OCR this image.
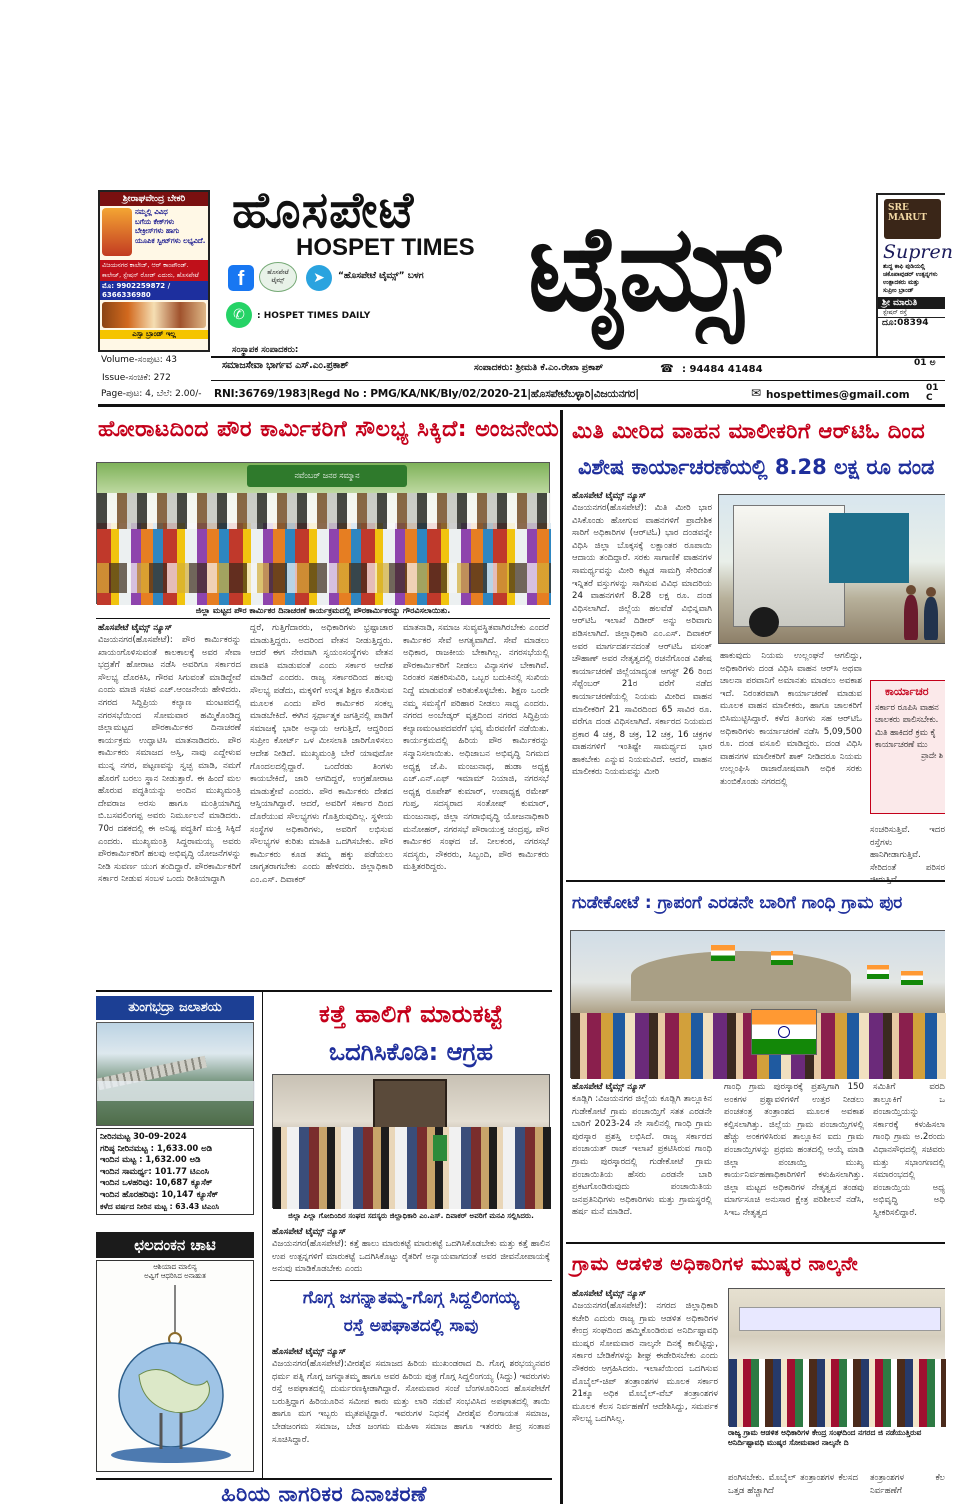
ಶ್ರೀರಾಘವೇಂದ್ರ ಬೇಕರಿ
ನಮ್ಮಲ್ಲಿ ವಿವಿಧ
ಬಗೆಯ ಕೇಕ್‌ಗಳು
ಬೇಕ್ರೀಸ್‌ಗಳು ಹಾಗು
ಯೂಪಿಕ ಸ್ವೀಟ್‌ಗಳು ಲಭ್ಯವಿದೆ.
ವಿಜಯನಗರ ಕಾಲೇಜ್, ಆರ್ ಕಾಂಪೌಂಡ್.
ಕಾಲೇಜ್, ಸ್ಟೇಷನ್ ರೋಡ್ ಎದುರು, ಹೊಸಪೇಟೆ
ಮೊ: 9902259872 / 6366336980
ಎಸ್ಸಾ ಬ್ರಾಂಡ್ ಇಲ್ಲ
ಹೊಸಪೇಟೆ
HOSPET TIMES ಟೈಮ್ಸ್
f	ಹೊಸಪೇಟೆ ಟೈಮ್ಸ್	➤	“ಹೊಸಪೇಟೆ ಟೈಮ್ಸ್” ಬಳಗ
✆	: HOSPET TIMES DAILY
SRE
MARUT
Supren
ಶುದ್ಧ ಕಾಫಿ ಪುಡಿಯಲ್ಲಿ
ಚಕೊಪಾವುಡರ್ ಉತ್ಪನ್ನಗಳು
ಉತ್ಪಾದಕರು ಮತ್ತು
ಸುಪ್ರೀಂ ಬ್ರಾಂಡ್
ಶ್ರೀ ಮಾರುತಿ
ಸ್ಟೇಷನ್ ರಸ್ತೆ
ದೂ:08394
Volume-ಸಂಪುಟ: 43
ಸಂಸ್ಥಾಪಕ ಸಂಪಾದಕರು:
01 ಅ
ಸಮಾಜಸೇವಾ ಭಾರ್ಗವ ಎಸ್.ಎಂ.ಪ್ರಕಾಶ್	ಸಂಪಾದಕರು: ಶ್ರೀಮತಿ ಕೆ.ಎಂ.ರೇಖಾ ಪ್ರಕಾಶ್	☎ : 94484 41484
Issue-ಸಂಚಿಕೆ: 272
Page-ಪುಟ: 4, ಬೆಲೆ: 2.00/- RNI:36769/1983|Regd No : PMG/KA/NK/Bly/02/2020-21|ಹೊಸಪೇಟೆಬಳ್ಳಾರಿ|ವಿಜಯನಗರ|	✉ hospettimes@gmail.com
01 C
ಹೋರಾಟದಿಂದ ಪೌರ ಕಾರ್ಮಿಕರಿಗೆ ಸೌಲಭ್ಯ ಸಿಕ್ಕಿದೆ: ಅಂಜನೇಯ
ನವೆಂಬರ್ ಜನರ ಸಮ್ಮಾನ
ಜಿಲ್ಲಾ ಮಟ್ಟದ ಪೌರ ಕಾರ್ಮಿಕರ ದಿನಾಚರಣೆ ಕಾರ್ಯಕ್ರಮದಲ್ಲಿ ಪೌರಕಾರ್ಮಿಕರನ್ನು ಗೌರವಿಸಲಾಯಿತು.
ಹೊಸಪೇಟೆ ಟೈಮ್ಸ್ ನ್ಯೂಸ್
ವಿಜಯನಗರ(ಹೊಸಪೇಟೆ): ಪೌರ ಕಾರ್ಮಿಕರನ್ನು ಖಾಯಂಗೊಳಿಸುವಂತೆ ಕಾಲಕಾಲಕ್ಕೆ ಅವರ ಸೇವಾ ಭದ್ರತೆಗೆ ಹೋರಾಟ ನಡೆಸಿ ಅವರಿಗೂ ಸರ್ಕಾರದ ಸೌಲಭ್ಯ ದೊರಕಿಸಿ, ಗೌರವ ಸಿಗುವಂತೆ ಮಾಡಿದ್ದೇವೆ ಎಂದು ಮಾಜಿ ಸಚಿವ ಎಚ್.ಆಂಜನೇಯ ಹೇಳಿದರು. ನಗರದ ಸಿದ್ದಿಪ್ರಿಯ ಕಲ್ಯಾಣ ಮಂಟಪದಲ್ಲಿ ನಗರಸಭೆಯಿಂದ ಸೋಮವಾರ ಹಮ್ಮಿಕೊಂಡಿದ್ದ ಜಿಲ್ಲಾಮಟ್ಟದ ಪೌರಕಾರ್ಮಿಕರ ದಿನಾಚರಣೆ ಕಾರ್ಯಕ್ರಮ ಉದ್ಘಾಟಿಸಿ ಮಾತನಾಡಿದರು. ಪೌರ ಕಾರ್ಮಿಕರು ಸಮಾಜದ ಅಸ್ತಿ, ನಾವು ಎದ್ದೇಳುವ ಮುನ್ನ ನಗರ, ಪಟ್ಟಣವನ್ನು ಸ್ವಚ್ಛ ಮಾಡಿ, ನಮಗೆ ಹೊರಗೆ ಬರಲು ಸ್ಥಾನ ನೀಡುತ್ತಾರೆ. ಈ ಹಿಂದೆ ಮಲ ಹೊರುವ ಪದ್ಧತಿಯನ್ನು ಅಂದಿನ ಮುಖ್ಯಮಂತ್ರಿ ದೇವರಾಜ ಅರಸು ಹಾಗೂ ಮಂತ್ರಿಯಾಗಿದ್ದ ಬಿ.ಬಸವಲಿಂಗಪ್ಪ ಅವರು ನಿರ್ಮೂಲನೆ ಮಾಡಿದರು. 70ರ ದಶಕದಲ್ಲಿ ಈ ಅನಿಷ್ಟ ಪದ್ಧತಿಗೆ ಮುಕ್ತಿ ಸಿಕ್ಕಿದೆ ಎಂದರು. ಮುಖ್ಯಮಂತ್ರಿ ಸಿದ್ದರಾಮಯ್ಯ ಅವರು ಪೌರಕಾರ್ಮಿಕರಿಗೆ ಹಲವು ಅಭಿವೃದ್ಧಿ ಯೋಜನೆಗಳನ್ನು ನೀಡಿ ಸುವರ್ಣ ಯುಗ ತಂದಿದ್ದಾರೆ. ಪೌರಕಾರ್ಮಿಕರಿಗೆ ಸರ್ಕಾರ ನೀಡುವ ಸಂಬಳ ಒಂದು ರೀತಿಯಾದ್ದಾಗಿ
ದ್ದರೆ, ಗುತ್ತಿಗೆದಾರರು, ಅಧಿಕಾರಿಗಳು ಭ್ರಷ್ಟಾಚಾರ ಮಾಡುತ್ತಿದ್ದರು. ಅದರಿಂದ ವೇತನ ನೀಡುತ್ತಿದ್ದರು. ಆದರೆ ಈಗ ನೇರವಾಗಿ ಸ್ವಯಂಸಂಸ್ಥೆಗಳು ವೇತನ ಪಾವತಿ ಮಾಡುವಂತೆ ಎಂದು ಸರ್ಕಾರ ಆದೇಶ ಮಾಡಿದೆ ಎಂದರು. ರಾಜ್ಯ ಸರ್ಕಾರದಿಂದ ಹಲವು ಸೌಲಭ್ಯ ಪಡೆದು, ಮಕ್ಕಳಿಗೆ ಉನ್ನತ ಶಿಕ್ಷಣ ಕೊಡಿಸುವ ಮೂಲಕ ಎಂದು ಪೌರ ಕಾರ್ಮಿಕರ ಸಂಕಲ್ಪ ಮಾಡಬೇಕಿದೆ. ಈಗಿನ ಸ್ಪರ್ಧಾತ್ಮಕ ಜಗತ್ತಿನಲ್ಲಿ ಪಾಡಿಗೆ ಸಮಾಜಕ್ಕೆ ಭಾರೀ ಅನ್ಯಾಯ ಆಗುತ್ತಿದೆ, ಆದ್ದರಿಂದ ಸುಪ್ರೀಂ ಕೋರ್ಟ್ ಒಳ ಮೀಸಲಾತಿ ಜಾರಿಗೊಳಿಸಲು ಆದೇಶ ನೀಡಿದೆ. ಮುಖ್ಯಮಂತ್ರಿ ಬೇರೆ ಯಾವುದೋ ಗೊಂದಲದಲ್ಲಿದ್ದಾರೆ. ಒಂದೆರಡು ತಿಂಗಳು ಕಾಯಬೇಕಿದೆ, ಜಾರಿ ಆಗದಿದ್ದರೆ, ಉಗ್ರಹೋರಾಟ ಮಾಡುತ್ತೇವೆ ಎಂದರು. ಪೌರ ಕಾರ್ಮಿಕರು ದೇಶದ ಆಸ್ತಿಯಾಗಿದ್ದಾರೆ. ಆದರೆ, ಅವರಿಗೆ ಸರ್ಕಾರ ದಿಂದ ದೊರೆಯುವ ಸೌಲಭ್ಯಗಳು ಗೊತ್ತಿರುವುದಿಲ್ಲ. ಸ್ಥಳೀಯ ಸಂಸ್ಥೆಗಳ ಅಧಿಕಾರಿಗಳು, ಅವರಿಗೆ ಲಭಿಸುವ ಸೌಲಭ್ಯಗಳ ಕುರಿತು ಮಾಹಿತಿ ಒದಗಿಸಬೇಕು. ಪೌರ ಕಾರ್ಮಿಕರು ಕೂಡ ತಮ್ಮ ಹಕ್ಕು ಪಡೆಯಲು ಜಾಗೃತರಾಗಬೇಕು ಎಂದು ಹೇಳಿದರು. ಜಿಲ್ಲಾಧಿಕಾರಿ ಎಂ.ಎಸ್. ದಿವಾಕರ್
ಮಾತನಾಡಿ, ಸಮಾಜ ಸುವ್ಯವಸ್ಥಿತವಾಗಿರಬೇಕು ಎಂದರೆ ಕಾರ್ಮಿಕರ ಸೇವೆ ಅಗತ್ಯವಾಗಿದೆ. ಸೇವೆ ಮಾಡಲು ಅಧಿಕಾರ, ರಾಜಕೀಯ ಬೇಕಾಗಿಲ್ಲ. ನಗರಸಭೆಯಲ್ಲಿ ಪೌರಕಾರ್ಮಿಕರಿಗೆ ನೀಡಲು ವಿನ್ಯಾಸಗಳ ಬೇಕಾಗಿವೆ. ನಿರಂತರ ಸಹಕರಿಸುವಿರಿ, ಒಬ್ಬರ ಬದುಕಿನಲ್ಲಿ ಸುಖಿಯ ನಿದ್ದೆ ಮಾಡುವಂತೆ ಅರಿತುಕೊಳ್ಳಬೇಕು. ಶಿಕ್ಷಣ ಒಂದೇ ನಮ್ಮ ಸಮಸ್ಯೆಗೆ ಪರಿಹಾರ ನೀಡಲು ಸಾಧ್ಯ ಎಂದರು. ನಗರದ ಅಂಬೇಡ್ಕರ್ ವೃತ್ತದಿಂದ ನಗರದ ಸಿದ್ಧಿಪ್ರಿಯ ಕಲ್ಯಾಣಮಂಟಪದವರೆಗೆ ಭವ್ಯ ಮೆರವಣಿಗೆ ನಡೆಯಿತು. ಕಾರ್ಯಕ್ರಮದಲ್ಲಿ ಹಿರಿಯ ಪೌರ ಕಾರ್ಮಿಕರನ್ನು ಸನ್ಮಾನಿಸಲಾಯಿತು. ಅಧಿಜಾಬನ ಅಭಿವೃದ್ಧಿ ನಿಗಮದ ಅಧ್ಯಕ್ಷ ಜೆ.ಪಿ. ಮಂಜುನಾಥ, ಹುಡಾ ಅಧ್ಯಕ್ಷ ಎಚ್.ಎನ್.ಎಫ್ ಇಮಾಮ್ ನಿಯಾಜಿ, ನಗರಸಭೆ ಅಧ್ಯಕ್ಷ ರೂಪೇಶ್ ಕುಮಾರ್, ಉಪಾಧ್ಯಕ್ಷ ರಮೇಶ್ ಗುಪ್ತ, ಸದಸ್ಯರಾದ ಸಂತೋಷ್ ಕುಮಾರ್, ಮಂಜುನಾಥ, ಜಿಲ್ಲಾ ನಗರಾಭಿವೃದ್ಧಿ ಯೋಜನಾಧಿಕಾರಿ ಮನೋಹರ್, ನಗರಸಭೆ ಪೌರಾಯುಕ್ತ ಚಂದ್ರಪ್ಪ, ಪೌರ ಕಾರ್ಮಿಕರ ಸಂಘದ ಜೆ. ನೀಲಕಂಠ, ನಗರಸಭೆ ಸದಸ್ಯರು, ನೌಕರರು, ಸಿಬ್ಬಂದಿ, ಪೌರ ಕಾರ್ಮಿಕರು ಮತ್ತಿತರರಿದ್ದರು.
ಮಿತಿ ಮೀರಿದ ವಾಹನ ಮಾಲೀಕರಿಗೆ ಆರ್‌ಟಿಓ ದಿಂದ
ವಿಶೇಷ ಕಾರ್ಯಾಚರಣೆಯಲ್ಲಿ 8.28 ಲಕ್ಷ ರೂ ದಂಡ
ಹೊಸಪೇಟೆ ಟೈಮ್ಸ್ ನ್ಯೂಸ್
ವಿಜಯನಗರ(ಹೊಸಪೇಟೆ): ಮಿತಿ ಮೀರಿ ಭಾರ ವಿಸಿಕೊಂಡು ಹೋಗುವ ವಾಹನಗಳಿಗೆ ಪ್ರಾದೇಶಿಕ ಸಾರಿಗೆ ಅಧಿಕಾರಿಗಳ (ಆರ್‌ಟಿಓ) ಭಾರ ದಂಡವನ್ನೇ ವಿಧಿಸಿ ಜಿಲ್ಲಾ ಬೊಕ್ಕಸಕ್ಕೆ ಲಕ್ಷಾಂತರ ರೂಪಾಯಿ ಆದಾಯ ತಂದಿದ್ದಾರೆ. ಸರಕು ಸಾಗಾಣಿಕೆ ವಾಹನಗಳ ಸಾಮರ್ಥ್ಯವನ್ನು ಮೀರಿ ಕಟ್ಟಡ ಸಾಮಗ್ರಿ ಸೇರಿದಂತೆ ಇನ್ನಿತರೆ ವಸ್ತುಗಳನ್ನು ಸಾಗಿಸುವ ವಿವಿಧ ಮಾದರಿಯ 24 ವಾಹನಗಳಿಗೆ 8.28 ಲಕ್ಷ ರೂ. ದಂಡ ವಿಧಿಸಲಾಗಿದೆ. ಜಿಲ್ಲೆಯ ಹಲವೆಡೆ ವಿಭಿನ್ನವಾಗಿ ಆರ್‌ಟಿಓ ಇಲಾಖೆ ದಿಡೀರ್ ಅನ್ನು ಅರಿವಾಗು ಪಡಿಸಲಾಗಿದೆ. ಜಿಲ್ಲಾಧಿಕಾರಿ ಎಂ.ಎಸ್. ದಿವಾಕರ್ ಅವರ ಮಾರ್ಗದರ್ಶನದಂತೆ ಆರ್‌ಟಿಓ ವಸಂತ್ ಚೌಹಾಣ್ ಅವರ ನೇತೃತ್ವದಲ್ಲಿ ರಚನೆಗೊಂಡ ವಿಶೇಷ ಕಾರ್ಯಾಚರಣೆ ಜಿಲ್ಲೆಯಾದ್ಯಂತ ಆಗಸ್ಟ್ 26 ರಿಂದ ಸೆಪ್ಟೆಂಬರ್ 21ರ ವರೆಗೆ ನಡೆದ ಕಾರ್ಯಾಚರಣೆಯಲ್ಲಿ ನಿಯಮ ಮೀರಿದ ವಾಹನ ಮಾಲೀಕರಿಗೆ 21 ಸಾವಿರದಿಂದ 65 ಸಾವಿರ ರೂ. ವರೆಗೂ ದಂಡ ವಿಧಿಸಲಾಗಿದೆ. ಸರ್ಕಾರದ ನಿಯಮದ ಪ್ರಕಾರ 4 ಚಕ್ರ, 8 ಚಕ್ರ, 12 ಚಕ್ರ, 16 ಚಕ್ರಗಳ ವಾಹನಗಳಿಗೆ ಇಂತಿಷ್ಟೇ ಸಾಮರ್ಥ್ಯದ ಭಾರ ಹಾಕಬೇಕು ಎನ್ನುವ ನಿಯಮವಿದೆ. ಆದರೆ, ವಾಹನ ಮಾಲೀಕರು ನಿಯಮವನ್ನು ಮೀರಿ
ಹಾಕುವುದು ನಿಯಮ ಉಲ್ಲಂಘನೆ ಆಗಲಿದ್ದು, ಅಧಿಕಾರಿಗಳು ದಂಡ ವಿಧಿಸಿ ವಾಹನ ಆರ್‌ಸಿ ಅಥವಾ ಚಾಲನಾ ಪರವಾನಿಗೆ ಅಮಾನತು ಮಾಡಲು ಅವಕಾಶ ಇದೆ. ನಿರಂತರವಾಗಿ ಕಾರ್ಯಾಚರಣೆ ಮಾಡುವ ಮೂಲಕ ವಾಹನ ಮಾಲೀಕರು, ಹಾಗೂ ಚಾಲಕರಿಗೆ ಬಿಸಿಮುಟ್ಟಿಸಿದ್ದಾರೆ. ಕಳೆದ ತಿಂಗಳು ಸಹ ಆರ್‌ಟಿಓ ಅಧಿಕಾರಿಗಳು ಕಾರ್ಯಾಚರಣೆ ನಡೆಸಿ 5,09,500 ರೂ. ದಂಡ ವಸೂಲಿ ಮಾಡಿದ್ದರು. ದಂಡ ವಿಧಿಸಿ ವಾಹನಗಳ ಮಾಲೀಕರಿಗೆ ಶಾಕ್ ನೀಡಿದರೂ ನಿಯಮ ಉಲ್ಲಂಘಿಸಿ ರಾಜಾರೋಷವಾಗಿ ಅಧಿಕ ಸರಕು ತುಂಬಿಕೊಂಡು ನಗರದಲ್ಲಿ
ಕಾರ್ಯಾಚರ
ಸರ್ಕಾರ ರೂಪಿಸಿ ವಾಹನ ಚಾಲಕರು ಪಾಲಿಸಬೇಕು. ಮಿತಿ ಹಾಕಿದರೆ ಕ್ರಮ ಕೈ ಕಾರ್ಯಾಚರಣೆ ಮು
ಪ್ರಾದೇ ಶಿ
ಸಂಚರಿಸುತ್ತಿವೆ. ಇದರ ರಸ್ತೆಗಳು ಹಾನಿಗೀಡಾಗುತ್ತಿವೆ. ಸೇರಿದಂತೆ ಪರಿಸರ
ಗುಡೇಕೋಟೆ : ಗ್ರಾಪಂಗೆ ಎರಡನೇ ಬಾರಿಗೆ ಗಾಂಧಿ ಗ್ರಾಮ ಪುರ
ಹೊಸಪೇಟೆ ಟೈಮ್ಸ್ ನ್ಯೂಸ್
ಕೂಡ್ಲಿಗಿ :ವಿಜಯನಗರ ಜಿಲ್ಲೆಯ ಕೂಡ್ಲಿಗಿ ತಾಲ್ಲೂಕಿನ ಗುಡೇಕೋಟೆ ಗ್ರಾಮ ಪಂಚಾಯ್ತಿಗೆ ಸತತ ಎರಡನೇ ಬಾರಿಗೆ 2023-24 ನೇ ಸಾಲಿನಲ್ಲಿ ಗಾಂಧಿ ಗ್ರಾಮ ಪುರಸ್ಕಾರ ಪ್ರಶಸ್ತಿ ಲಭಿಸಿದೆ. ರಾಜ್ಯ ಸರ್ಕಾರದ ಪಂಚಾಯತ್ ರಾಜ್ ಇಲಾಖೆ ಪ್ರಕಟಿಸಿರುವ ಗಾಂಧಿ ಗ್ರಾಮ ಪುರಸ್ಕಾರದಲ್ಲಿ ಗುಡೇಕೋಟೆ ಗ್ರಾಮ ಪಂಚಾಯಿತಿಯ ಹೆಸರು ಎರಡನೇ ಬಾರಿ ಪ್ರಕಟಗೊಂಡಿರುವುದು ಪಂಚಾಯಿತಿಯ ಜನಪ್ರತಿನಿಧಿಗಳು ಅಧಿಕಾರಿಗಳು ಮತ್ತು ಗ್ರಾಮಸ್ಥರಲ್ಲಿ ಹರ್ಷ ಮನೆ ಮಾಡಿದೆ.
ಗಾಂಧಿ ಗ್ರಾಮ ಪುರಸ್ಕಾರಕ್ಕೆ ಪ್ರಶಸ್ತಿಗಾಗಿ 150 ಅಂಕಗಳ ಪ್ರಶ್ನಾವಳಿಗಳಿಗೆ ಉತ್ತರ ನೀಡಲು ಪಂಚತಂತ್ರ ತಂತ್ರಾಂಶದ ಮೂಲಕ ಅವಕಾಶ ಕಲ್ಪಿಸಲಾಗಿತ್ತು. ಜಿಲ್ಲೆಯ ಗ್ರಾಮ ಪಂಚಾಯ್ತಿಗಳಲ್ಲಿ ಹೆಚ್ಚು ಅಂಕಗಳಿಸಿರುವ ತಾಲ್ಲೂಕಿನ ಐದು ಗ್ರಾಮ ಪಂಚಾಯ್ತಿಗಳನ್ನು ಪ್ರಥಮ ಹಂತದಲ್ಲಿ ಆಯ್ಕೆ ಮಾಡಿ ಜಿಲ್ಲಾ ಪಂಚಾಯ್ತಿ ಮುಖ್ಯ ಕಾರ್ಯನಿರ್ವಹಣಾಧಿಕಾರಿಗಳಿಗೆ ಕಳುಹಿಸಲಾಗಿತ್ತು. ಜಿಲ್ಲಾ ಮಟ್ಟದ ಅಧಿಕಾರಿಗಳ ನೇತೃತ್ವದ ತಂಡವು ಮಾರ್ಗಸೂಚಿ ಅನುಸಾರ ಕ್ಷೇತ್ರ ಪರಿಶೀಲನೆ ನಡೆಸಿ, ಸಿಇಒ ನೇತೃತ್ವದ
ಸಮಿತಿಗೆ ವರದಿ ತಾಲ್ಲೂಕಿಗೆ ಒ ಪಂಚಾಯ್ತಿಯನ್ನು ಸರ್ಕಾರಕ್ಕೆ ಕಳುಹಿಸಲಾ ಗಾಂಧಿ ಗ್ರಾಮ ಅ.2ರಂದು ವಿಧಾನಸೌಧದಲ್ಲಿ ಸಚಿವರು ಮತ್ತು ಸಭಾಂಗಣದಲ್ಲಿ ಸಮಾರಂಭದಲ್ಲಿ ಪಂಚಾಯ್ತಿಯ ಅಧ್ಯ ಅಭಿವೃದ್ಧಿ ಅಧಿ ಸ್ವೀಕರಿಸಲಿದ್ದಾರೆ.
ಗ್ರಾಮ ಆಡಳಿತ ಅಧಿಕಾರಿಗಳ ಮುಷ್ಕರ ನಾಲ್ಕನೇ
ಹೊಸಪೇಟೆ ಟೈಮ್ಸ್ ನ್ಯೂಸ್
ವಿಜಯನಗರ(ಹೊಸಪೇಟೆ): ನಗರದ ಜಿಲ್ಲಾಧಿಕಾರಿ ಕಚೇರಿ ಎದುರು ರಾಜ್ಯ ಗ್ರಾಮ ಆಡಳಿತ ಅಧಿಕಾರಿಗಳ ಕೇಂದ್ರ ಸಂಘದಿಂದ ಹಮ್ಮಿಕೊಂಡಿರುವ ಅನಿರ್ದಿಷ್ಟಾವಧಿ ಮುಷ್ಕರ ಸೋಮವಾರ ನಾಲ್ಕನೇ ದಿನಕ್ಕೆ ಕಾಲಿಟ್ಟಿದ್ದು, ಸರ್ಕಾರ ಬೇಡಿಕೆಗಳನ್ನು ಶೀಘ್ರ ಈಡೇರಿಸಬೇಕು ಎಂದು ನೌಕರರು ಆಗ್ರಹಿಸಿದರು. ಇಲಾಖೆಯಿಂದ ಒದಗಿಸುವ ಮೊಬೈಲ್-ಚಿಪ್ ತಂತ್ರಾಂಶಗಳ ಮೂಲಕ ಸರ್ಕಾರ 21ಕ್ಕೂ ಅಧಿಕ ಮೊಬೈಲ್-ವೆಬ್ ತಂತ್ರಾಂಶಗಳ ಮೂಲಕ ಕೆಲಸ ನಿರ್ವಹಣೆಗೆ ಆದೇಶಿಸಿದ್ದು, ಸಮರ್ಪಕ ಸೌಲಭ್ಯ ಒದಗಿಸಿಲ್ಲ.
ರಾಜ್ಯ ಗ್ರಾಮ ಆಡಳಿತ ಅಧಿಕಾರಿಗಳ ಕೇಂದ್ರ ಸಂಘದಿಂದ ನಗರದ ಜಿ ನಡೆಯುತ್ತಿರುವ ಅನಿರ್ದಿಷ್ಟಾವಧಿ ಮುಷ್ಕರ ಸೋಮವಾರ ನಾಲ್ಕನೇ ದಿ
ಪಂಗಿಸಬೇಕು. ಮೊಬೈಲ್ ತಂತ್ರಾಂಶಗಳ ಕೆಲಸದ ಒತ್ತಡ ಹೆಚ್ಚಾಗಿದೆ
ತಂತ್ರಾಂಶಗಳ ಕೆಲ ನಿರ್ವಹಣೆಗೆ
ತುಂಗಭದ್ರಾ ಜಲಾಶಯ
ನೀರಿನಮಟ್ಟ 30-09-2024
ಗರಿಷ್ಠ ನೀರಿನಮಟ್ಟ : 1,633.00 ಅಡಿ
ಇಂದಿನ ಮಟ್ಟ : 1,632.00 ಅಡಿ
ಇಂದಿನ ಸಾಮರ್ಥ್ಯ: 101.77 ಟಿಎಂಸಿ
ಇಂದಿನ ಒಳಹರಿವು: 10,687 ಕ್ಯೂಸೆಕ್
ಇಂದಿನ ಹೊರಹರಿವು: 10,147 ಕ್ಯೂಸೆಕ್
ಕಳೆದ ವರ್ಷದ ನೀರಿನ ಮಟ್ಟ : 63.43 ಟಿಎಂಸಿ
ಛಲದಂಕನ ಚಾಟಿ
ಆಶಿಯಾದ ಮಾಲಿನ್ಯ
ಅವ್ವಿಗೆ ಆಧರಿಸಿದ ಅನಾಹುತ
ಕತ್ತೆ ಹಾಲಿಗೆ ಮಾರುಕಟ್ಟೆ
ಒದಗಿಸಿಕೊಡಿ: ಆಗ್ರಹ
ಜಿಲ್ಲಾ ಪಿಲ್ಲಾ ಗೋದಿಂದಿರ ಸಂಘದ ಸದಸ್ಯರು ಜಿಲ್ಲಾಧಿಕಾರಿ ಎಂ.ಎಸ್. ದಿವಾಕರ್ ಅವರಿಗೆ ಮನವಿ ಸಲ್ಲಿಸಿದರು.
ಹೊಸಪೇಟೆ ಟೈಮ್ಸ್ ನ್ಯೂಸ್
ವಿಜಯನಗರ(ಹೊಸಪೇಟೆ): ಕತ್ತೆ ಹಾಲು ಮಾರುಕಟ್ಟೆ ಮಾರುಕಟ್ಟೆ ಒದಗಿಸಿಕೊಡಬೇಕು ಮತ್ತು ಕತ್ತೆ ಹಾಲಿನ ಉಪ ಉತ್ಪನ್ನಗಳಿಗೆ ಮಾರುಕಟ್ಟೆ ಒದಗಿಸಿಕೊಟ್ಟು ರೈತರಿಗೆ ಅನ್ಯಾಯವಾಗದಂತೆ ಅವರ ಜೀವನೋಪಾಯಕ್ಕೆ ಅನುವು ಮಾಡಿಕೊಡಬೇಕು ಎಂದು
ಗೊಗ್ಗ ಜಗನ್ನಾತಮ್ಮ-ಗೊಗ್ಗ ಸಿದ್ದಲಿಂಗಯ್ಯ
ರಸ್ತೆ ಅಪಘಾತದಲ್ಲಿ ಸಾವು
ಹೊಸಪೇಟೆ ಟೈಮ್ಸ್ ನ್ಯೂಸ್
ವಿಜಯನಗರ(ಹೊಸಪೇಟೆ):ವೀರಶೈವ ಸಮಾಜದ ಹಿರಿಯ ಮುಖಂಡರಾದ ದಿ. ಗೊಗ್ಗ ಶರಭಯ್ಯನವರ ಧರ್ಮ ಪತ್ನಿ ಗೊಗ್ಗ ಜಗನ್ನಾತಮ್ಮ ಹಾಗೂ ಅವರ ಹಿರಿಯ ಪುತ್ರ ಗೊಗ್ಗ ಸಿದ್ದಲಿಂಗಯ್ಯ (ಸಿದ್ದು) ಇವರುಗಳು ರಸ್ತೆ ಅಪಘಾತದಲ್ಲಿ ದುರ್ಮರಣಕ್ಕೀಡಾಗಿದ್ದಾರೆ. ಸೋಮವಾರ ಸಂಜೆ ಬೆಂಗಳೂರಿನಿಂದ ಹೊಸಪೇಟೆಗೆ ಬರುತ್ತಿದ್ದಾಗ ಹಿರಿಯೂರಿನ ಸಮೀಪ ಕಾರು ಮತ್ತು ಲಾರಿ ನಡುವೆ ಸಂಭವಿಸಿದ ಅಪಘಾತದಲ್ಲಿ ತಾಯಿ ಹಾಗೂ ಮಗ ಇಬ್ಬರು ಮೃತಪಟ್ಟಿದ್ದಾರೆ. ಇವರುಗಳ ನಿಧನಕ್ಕೆ ವೀರಶೈವ ಲಿಂಗಾಯತ ಸಮಾಜ, ಬೇಡಜಂಗಮ ಸಮಾಜ, ಬೇಡ ಜಂಗಮ ಮಹಿಳಾ ಸಮಾಜ ಹಾಗೂ ಇತರರು ತೀವ್ರ ಸಂತಾಪ ಸೂಚಿಸಿದ್ದಾರೆ.
ಹಿರಿಯ ನಾಗರಿಕರ ದಿನಾಚರಣೆ
